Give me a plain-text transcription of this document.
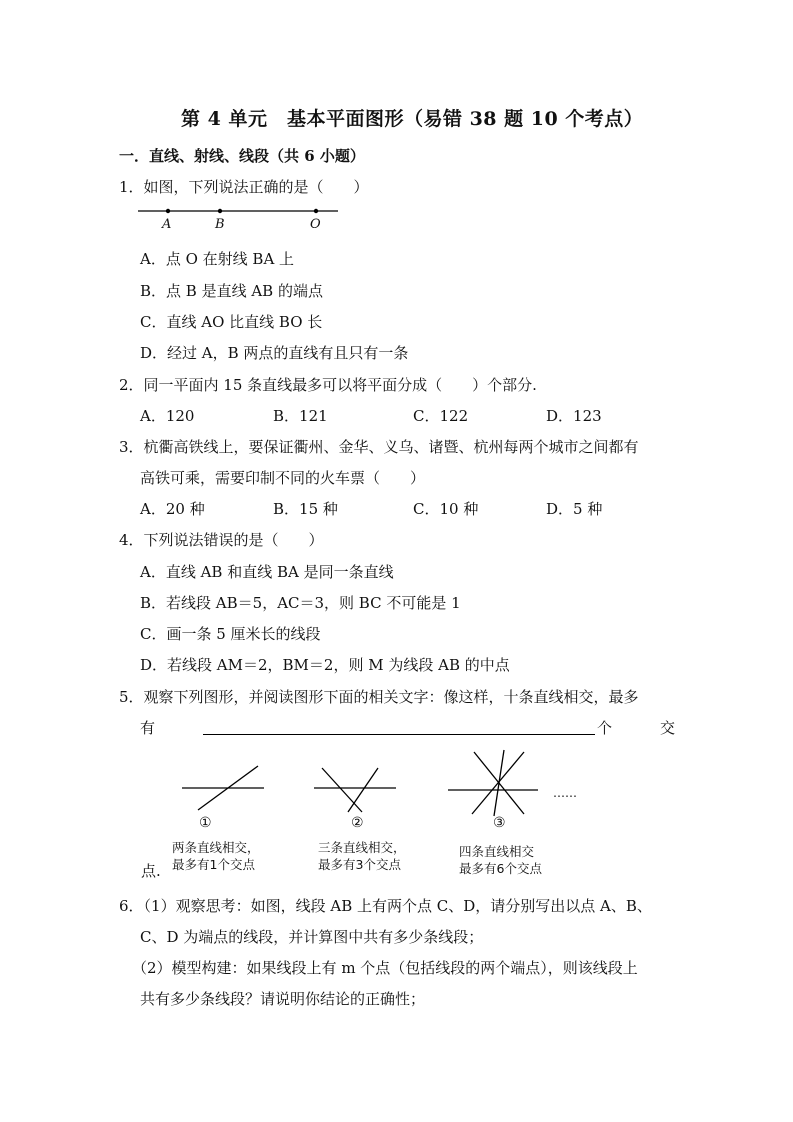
第 4 单元　基本平面图形（易错 38 题 10 个考点）
一．直线、射线、线段（共 6 小题）
1．如图，下列说法正确的是（　　）
A	B	O
A．点 O 在射线 BA 上
B．点 B 是直线 AB 的端点
C．直线 AO 比直线 BO 长
D．经过 A，B 两点的直线有且只有一条
2．同一平面内 15 条直线最多可以将平面分成（　　）个部分.
A．120	B．121	C．122	D．123
3．杭衢高铁线上，要保证衢州、金华、义乌、诸暨、杭州每两个城市之间都有
高铁可乘，需要印制不同的火车票（　　）
A．20 种	B．15 种	C．10 种	D．5 种
4．下列说法错误的是（　　）
A．直线 AB 和直线 BA 是同一条直线
B．若线段 AB＝5，AC＝3，则 BC 不可能是 1
C．画一条 5 厘米长的线段
D．若线段 AM＝2，BM＝2，则 M 为线段 AB 的中点
5．观察下列图形，并阅读图形下面的相关文字：像这样，十条直线相交，最多
有	个	交
……
①	②	③
两条直线相交，
最多有1个交点
三条直线相交，
最多有3个交点
四条直线相交
最多有6个交点
点.
6．（1）观察思考：如图，线段 AB 上有两个点 C、D，请分别写出以点 A、B、
C、D 为端点的线段，并计算图中共有多少条线段；
（2）模型构建：如果线段上有 m 个点（包括线段的两个端点），则该线段上
共有多少条线段？请说明你结论的正确性；
